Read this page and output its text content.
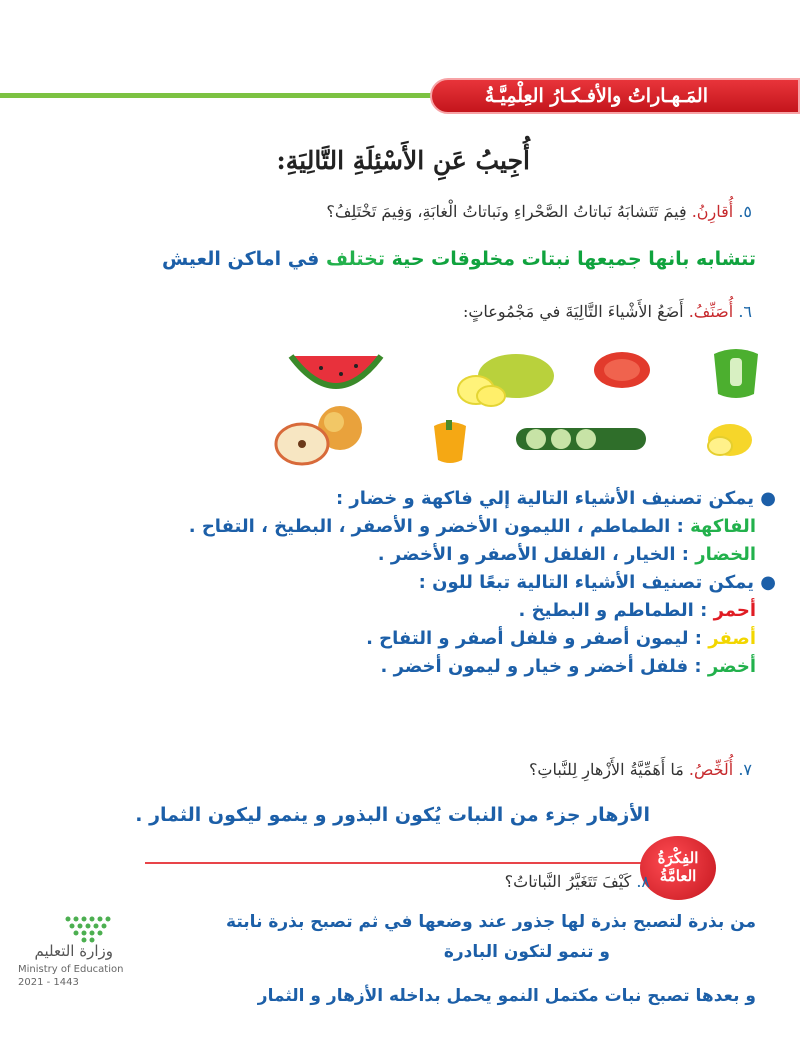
المَـهـاراتُ والأفـكـارُ العِلْمِيَّـةُ
أُجِيبُ عَنِ الأَسْئِلَةِ التَّالِيَةِ:
٥. أُقارِنُ. فِيمَ تَتَشابَهُ نَباتاتُ الصَّحْراءِ ونَباتاتُ الْغابَةِ، وَفِيمَ تَخْتَلِفُ؟
تتشابه بانها جميعها نبتات مخلوقات حية تختلف في اماكن العيش
٦. أُصَنِّفُ. أَضَعُ الأَشْياءَ التَّالِيَةَ في مَجْمُوعاتٍ:
● يمكن تصنيف الأشياء التالية إلي فاكهة و خضار :
الفاكهة : الطماطم ، الليمون الأخضر و الأصفر ، البطيخ ، التفاح .
الخضار : الخيار ، الفلفل الأصفر و الأخضر .
● يمكن تصنيف الأشياء التالية تبعًا للون :
أحمر : الطماطم و البطيخ .
أصفر : ليمون أصفر و فلفل أصفر و التفاح .
أخضر : فلفل أخضر و خيار و ليمون أخضر .
٧. أُلَخِّصُ. مَا أَهَمِّيَّةُ الأَزْهارِ لِلنَّباتِ؟
الأزهار جزء من النبات يُكون البذور و ينمو ليكون الثمار .
الفِكْرَةُ
العامَّةُ
٨. كَيْفَ تَتَغَيَّرُ النَّباتاتُ؟
من بذرة لتصبح بذرة لها جذور عند وضعها في ثم تصبح بذرة نابتة
و تنمو لتكون البادرة
و بعدها تصبح نبات مكتمل النمو يحمل بداخله الأزهار و الثمار
وزارة التعليم
Ministry of Education
2021 - 1443
